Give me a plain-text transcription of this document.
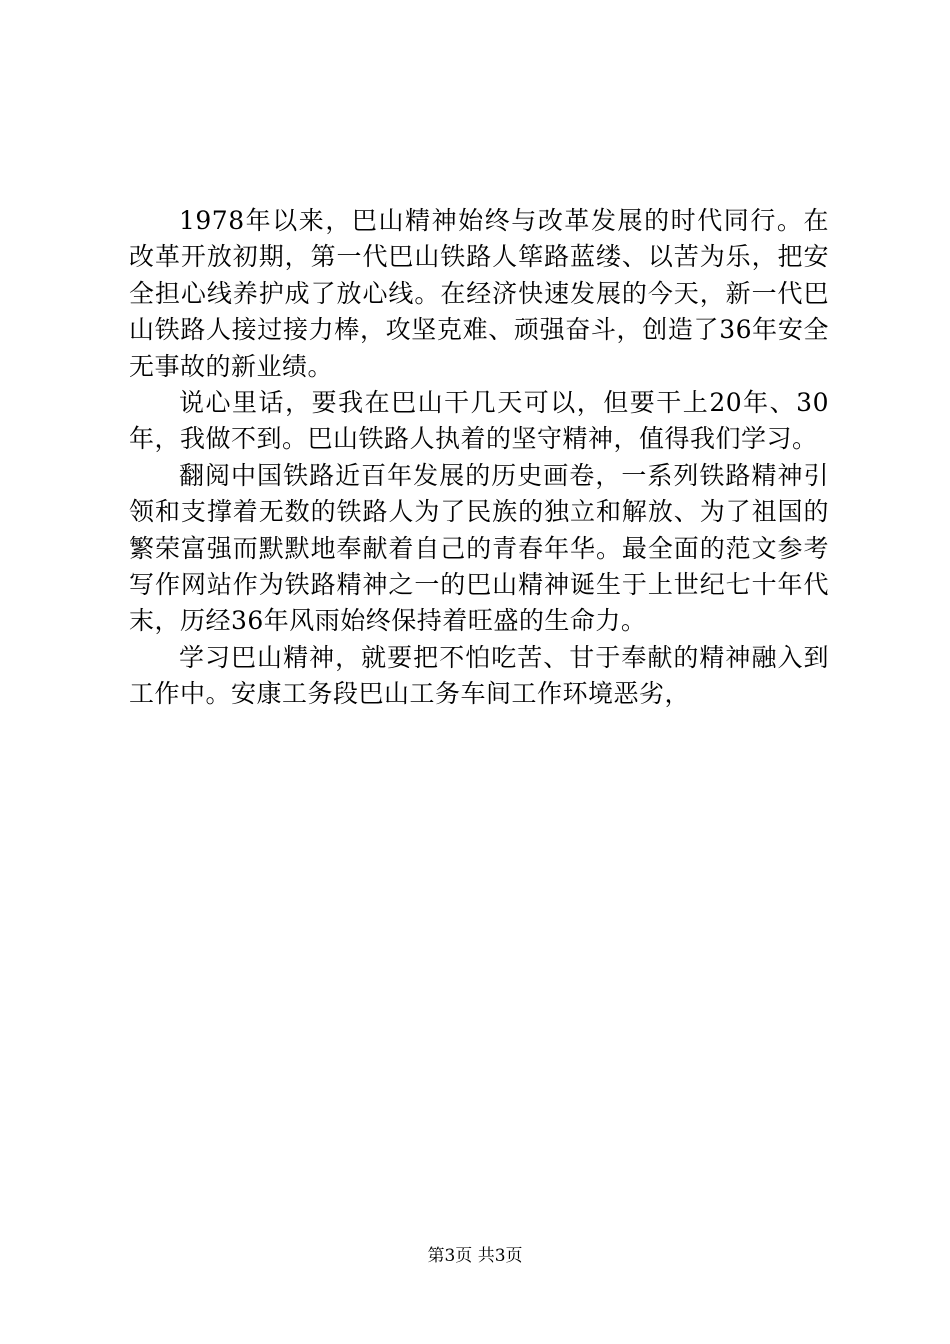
1978年以来，巴山精神始终与改革发展的时代同行。在改革开放初期，第一代巴山铁路人筚路蓝缕、以苦为乐，把安全担心线养护成了放心线。在经济快速发展的今天，新一代巴山铁路人接过接力棒，攻坚克难、顽强奋斗，创造了36年安全无事故的新业绩。

说心里话，要我在巴山干几天可以，但要干上20年、30年，我做不到。巴山铁路人执着的坚守精神，值得我们学习。

翻阅中国铁路近百年发展的历史画卷，一系列铁路精神引领和支撑着无数的铁路人为了民族的独立和解放、为了祖国的繁荣富强而默默地奉献着自己的青春年华。最全面的范文参考写作网站作为铁路精神之一的巴山精神诞生于上世纪七十年代末，历经36年风雨始终保持着旺盛的生命力。

学习巴山精神，就要把不怕吃苦、甘于奉献的精神融入到工作中。安康工务段巴山工务车间工作环境恶劣，

第3页 共3页
